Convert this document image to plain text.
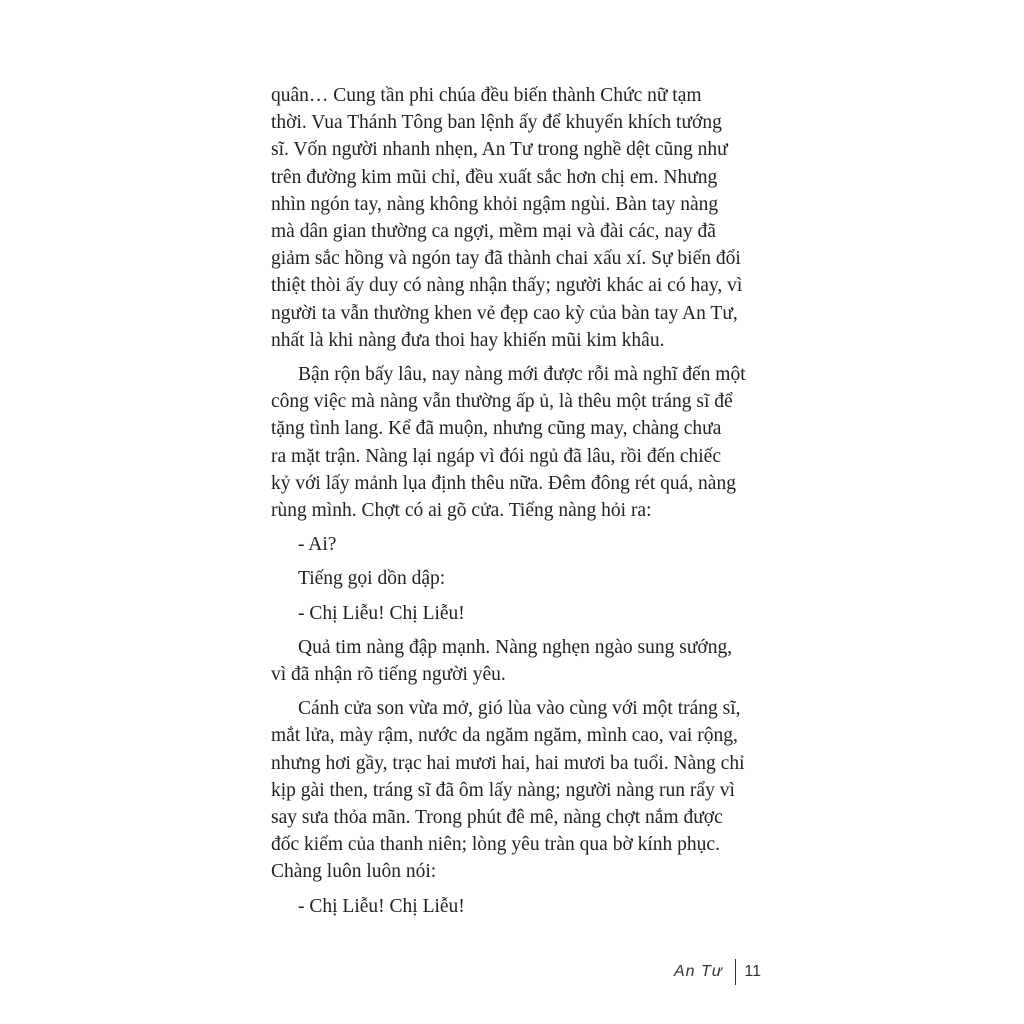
quân… Cung tần phi chúa đều biến thành Chức nữ tạm
thời. Vua Thánh Tông ban lệnh ấy để khuyến khích tướng
sĩ. Vốn người nhanh nhẹn, An Tư trong nghề dệt cũng như
trên đường kim mũi chỉ, đều xuất sắc hơn chị em. Nhưng
nhìn ngón tay, nàng không khỏi ngậm ngùi. Bàn tay nàng
mà dân gian thường ca ngợi, mềm mại và đài các, nay đã
giảm sắc hồng và ngón tay đã thành chai xấu xí. Sự biến đổi
thiệt thòi ấy duy có nàng nhận thấy; người khác ai có hay, vì
người ta vẫn thường khen vẻ đẹp cao kỳ của bàn tay An Tư,
nhất là khi nàng đưa thoi hay khiến mũi kim khâu.
Bận rộn bấy lâu, nay nàng mới được rỗi mà nghĩ đến một
công việc mà nàng vẫn thường ấp ủ, là thêu một tráng sĩ để
tặng tình lang. Kể đã muộn, nhưng cũng may, chàng chưa
ra mặt trận. Nàng lại ngáp vì đói ngủ đã lâu, rồi đến chiếc
kỷ với lấy mảnh lụa định thêu nữa. Đêm đông rét quá, nàng
rùng mình. Chợt có ai gõ cửa. Tiếng nàng hỏi ra:
- Ai?
Tiếng gọi dồn dập:
- Chị Liễu! Chị Liễu!
Quả tim nàng đập mạnh. Nàng nghẹn ngào sung sướng,
vì đã nhận rõ tiếng người yêu.
Cánh cửa son vừa mở, gió lùa vào cùng với một tráng sĩ,
mắt lửa, mày rậm, nước da ngăm ngăm, mình cao, vai rộng,
nhưng hơi gầy, trạc hai mươi hai, hai mươi ba tuổi. Nàng chỉ
kịp gài then, tráng sĩ đã ôm lấy nàng; người nàng run rẩy vì
say sưa thỏa mãn. Trong phút đê mê, nàng chợt nắm được
đốc kiếm của thanh niên; lòng yêu tràn qua bờ kính phục.
Chàng luôn luôn nói:
- Chị Liễu! Chị Liễu!
An Tư	11
